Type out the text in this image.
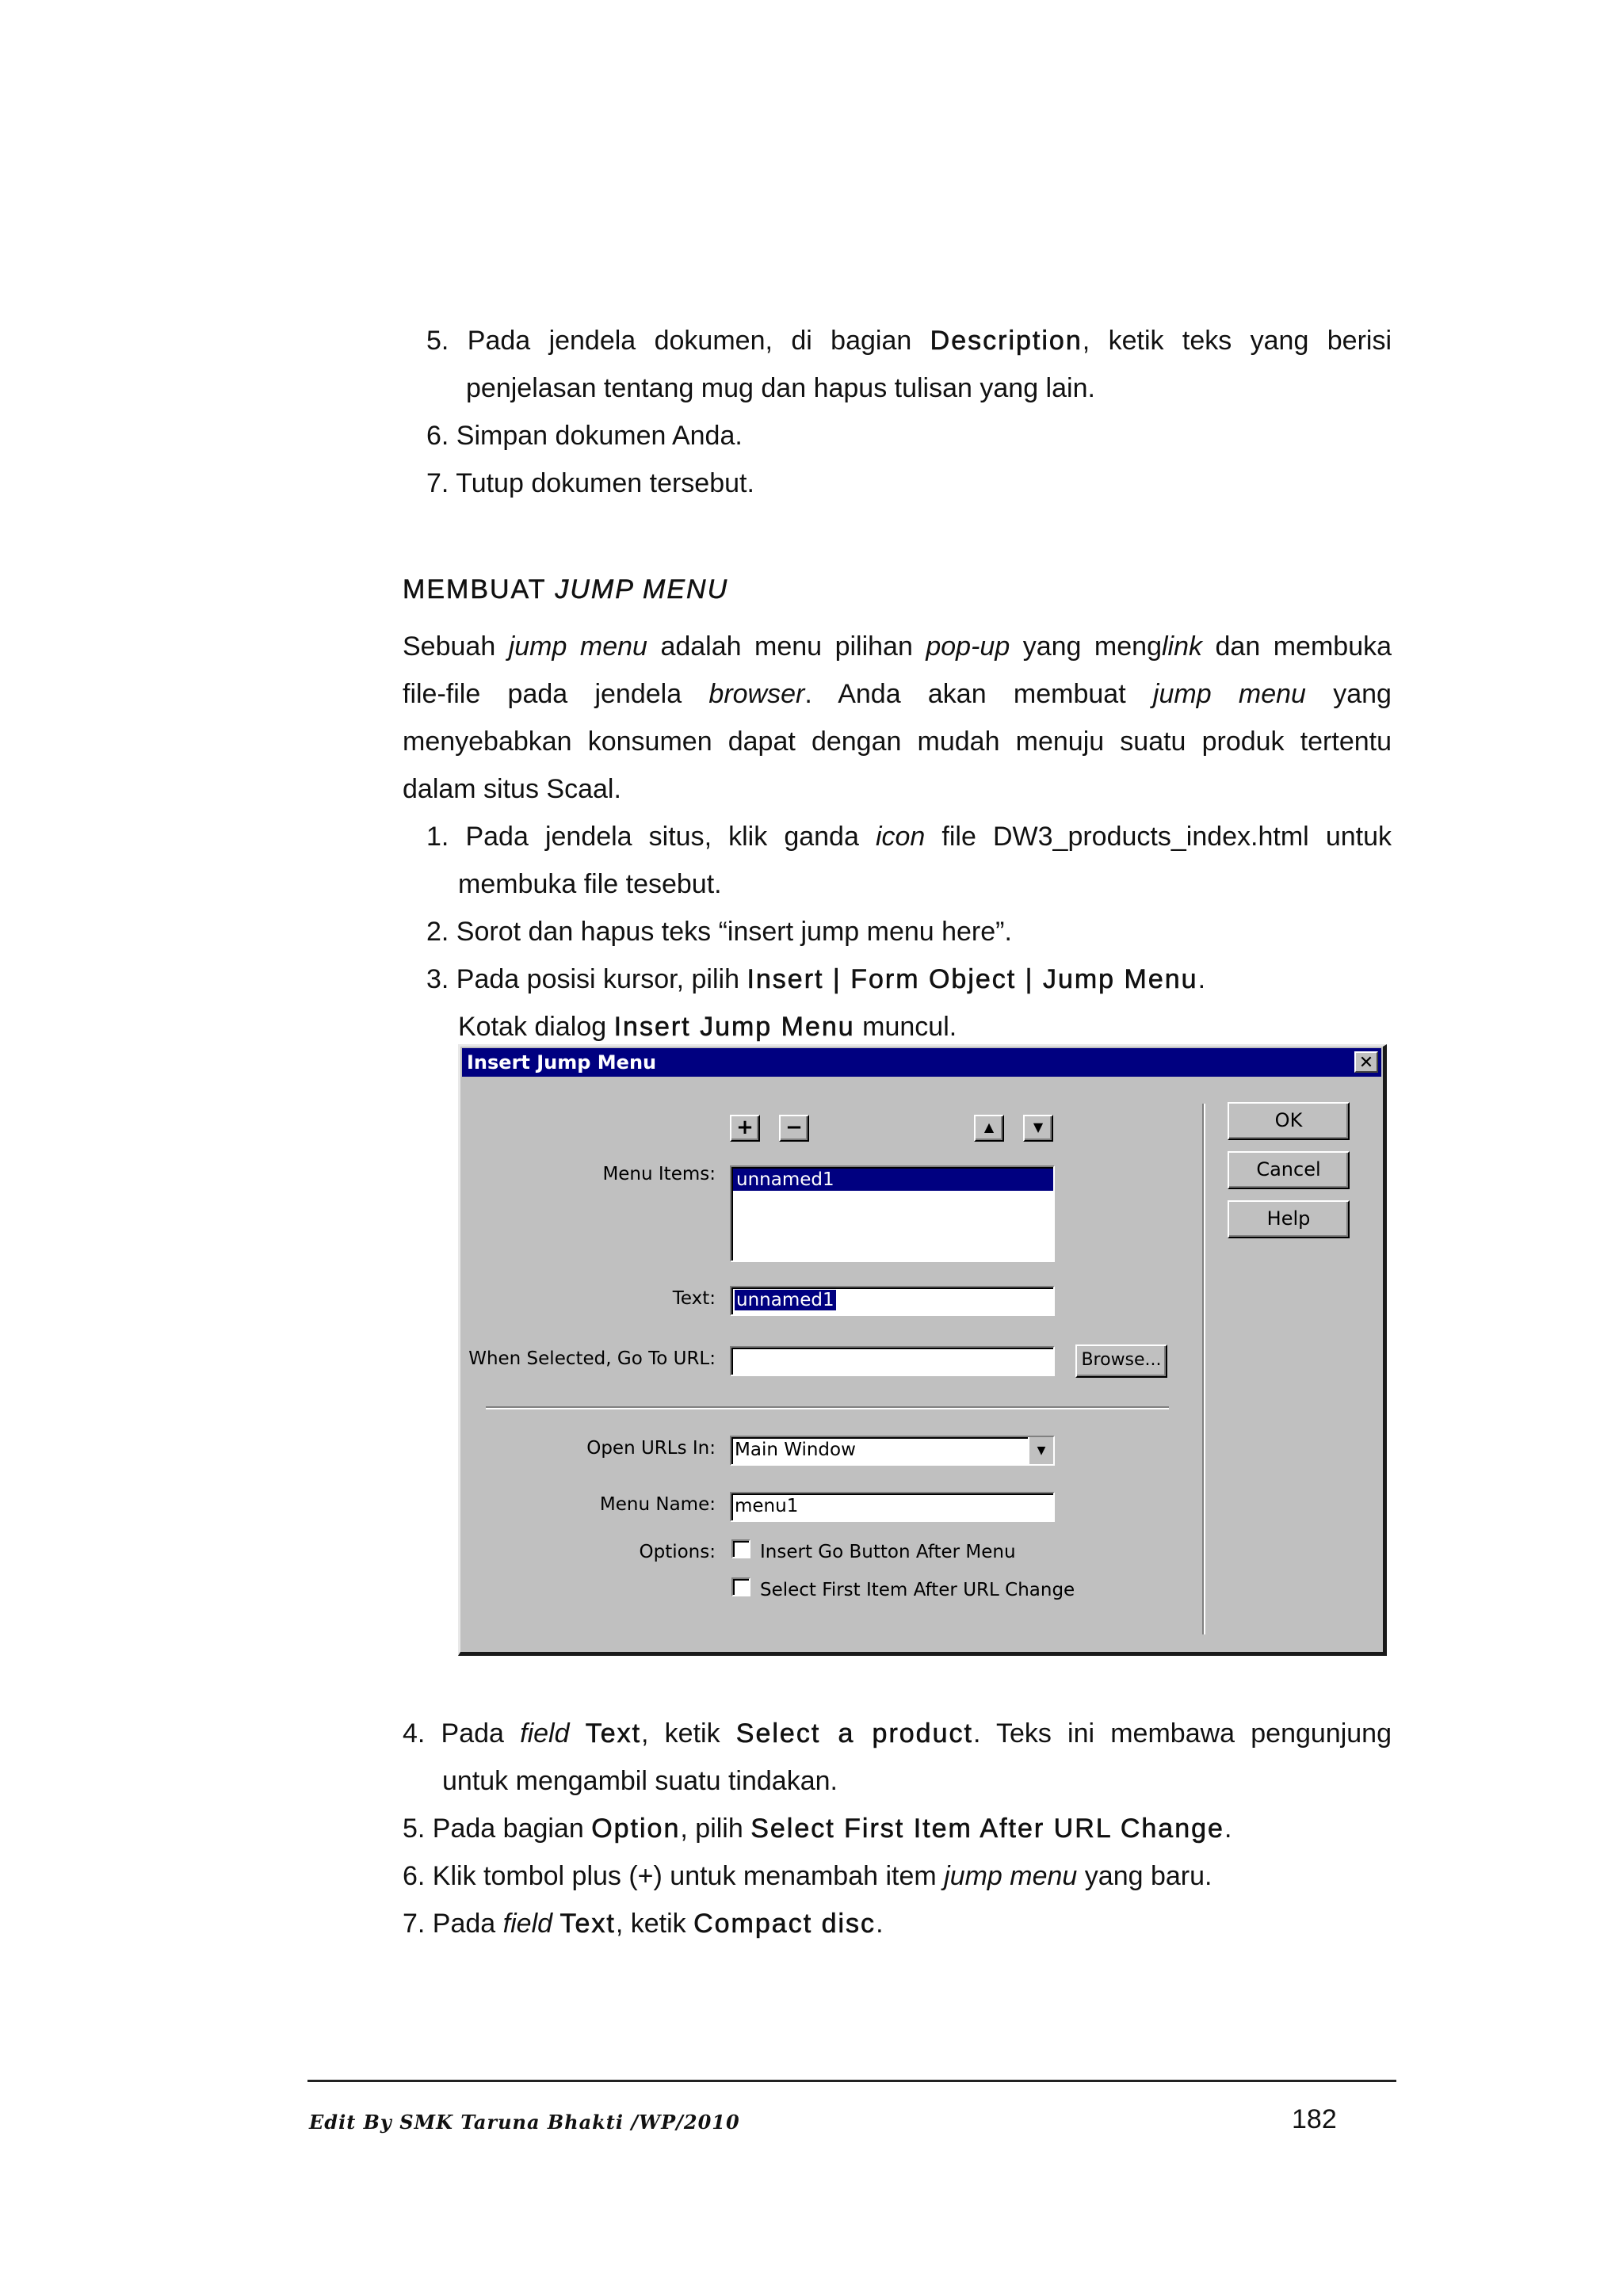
5. Pada jendela dokumen, di bagian Description, ketik teks yang berisi
penjelasan tentang mug dan hapus tulisan yang lain.
6. Simpan dokumen Anda.
7. Tutup dokumen tersebut.
MEMBUAT JUMP MENU
Sebuah jump menu adalah menu pilihan pop-up yang menglink dan membuka
file-file pada jendela browser. Anda akan membuat jump menu yang
menyebabkan konsumen dapat dengan mudah menuju suatu produk tertentu
dalam situs Scaal.
1. Pada jendela situs, klik ganda icon file DW3_products_index.html untuk
membuka file tesebut.
2. Sorot dan hapus teks “insert jump menu here”.
3. Pada posisi kursor, pilih Insert | Form Object | Jump Menu.
Kotak dialog Insert Jump Menu muncul.
Insert Jump Menu	✕
+	−	▲	▼
Menu Items: unnamed1
Text:	unnamed1
When Selected, Go To URL:	Browse...
Open URLs In: Main Window	▼
Menu Name: menu1
Options: Insert Go Button After Menu
Select First Item After URL Change
OK
Cancel
Help
4. Pada field Text, ketik Select a product. Teks ini membawa pengunjung
untuk mengambil suatu tindakan.
5. Pada bagian Option, pilih Select First Item After URL Change.
6. Klik tombol plus (+) untuk menambah item jump menu yang baru.
7. Pada field Text, ketik Compact disc.
Edit By SMK Taruna Bhakti /WP/2010	182
